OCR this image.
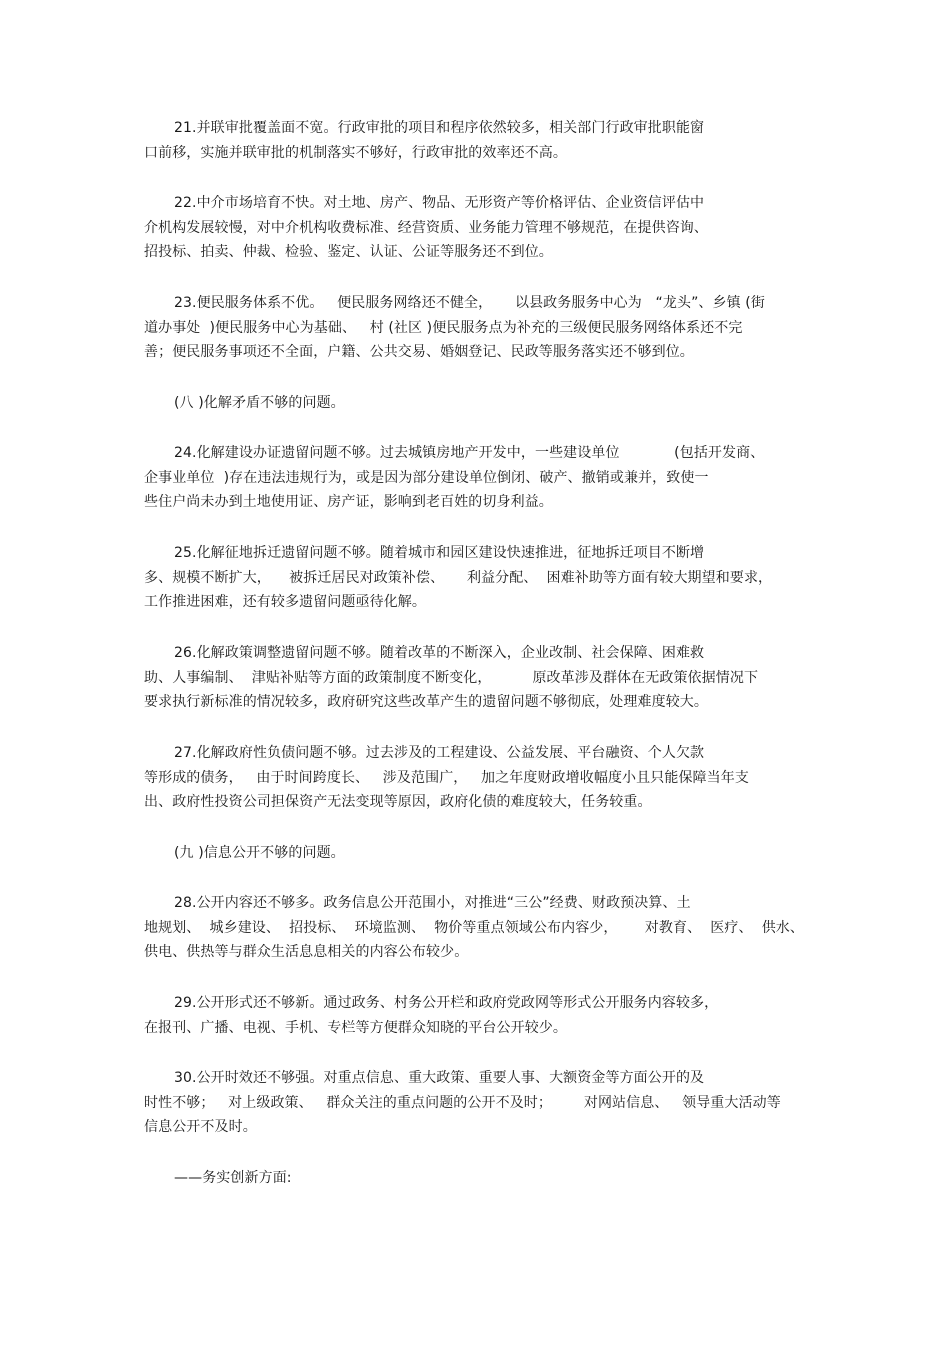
21.并联审批覆盖面不宽。行政审批的项目和程序依然较多，相关部门行政审批职能窗
口前移，实施并联审批的机制落实不够好，行政审批的效率还不高。
22.中介市场培育不快。对土地、房产、物品、无形资产等价格评估、企业资信评估中
介机构发展较慢，对中介机构收费标准、经营资质、业务能力管理不够规范，在提供咨询、
招投标、拍卖、仲裁、检验、鉴定、认证、公证等服务还不到位。
23.便民服务体系不优。   便民服务网络还不健全，     以县政务服务中心为   “龙头”、乡镇 (街
道办事处  )便民服务中心为基础、   村 (社区 )便民服务点为补充的三级便民服务网络体系还不完
善；便民服务事项还不全面，户籍、公共交易、婚姻登记、民政等服务落实还不够到位。
(八 )化解矛盾不够的问题。
24.化解建设办证遗留问题不够。过去城镇房地产开发中，一些建设单位            (包括开发商、
企事业单位  )存在违法违规行为，或是因为部分建设单位倒闭、破产、撤销或兼并，致使一
些住户尚未办到土地使用证、房产证，影响到老百姓的切身利益。
25.化解征地拆迁遗留问题不够。随着城市和园区建设快速推进，征地拆迁项目不断增
多、规模不断扩大，    被拆迁居民对政策补偿、     利益分配、  困难补助等方面有较大期望和要求，
工作推进困难，还有较多遗留问题亟待化解。
26.化解政策调整遗留问题不够。随着改革的不断深入，企业改制、社会保障、困难救
助、人事编制、  津贴补贴等方面的政策制度不断变化，         原改革涉及群体在无政策依据情况下
要求执行新标准的情况较多，政府研究这些改革产生的遗留问题不够彻底，处理难度较大。
27.化解政府性负债问题不够。过去涉及的工程建设、公益发展、平台融资、个人欠款
等形成的债务，   由于时间跨度长、   涉及范围广，   加之年度财政增收幅度小且只能保障当年支
出、政府性投资公司担保资产无法变现等原因，政府化债的难度较大，任务较重。
(九 )信息公开不够的问题。
28.公开内容还不够多。政务信息公开范围小，对推进“三公”经费、财政预决算、土
地规划、  城乡建设、  招投标、  环境监测、  物价等重点领域公布内容少，      对教育、  医疗、  供水、
供电、供热等与群众生活息息相关的内容公布较少。
29.公开形式还不够新。通过政务、村务公开栏和政府党政网等形式公开服务内容较多，
在报刊、广播、电视、手机、专栏等方便群众知晓的平台公开较少。
30.公开时效还不够强。对重点信息、重大政策、重要人事、大额资金等方面公开的及
时性不够；   对上级政策、   群众关注的重点问题的公开不及时；       对网站信息、   领导重大活动等
信息公开不及时。
——务实创新方面:
